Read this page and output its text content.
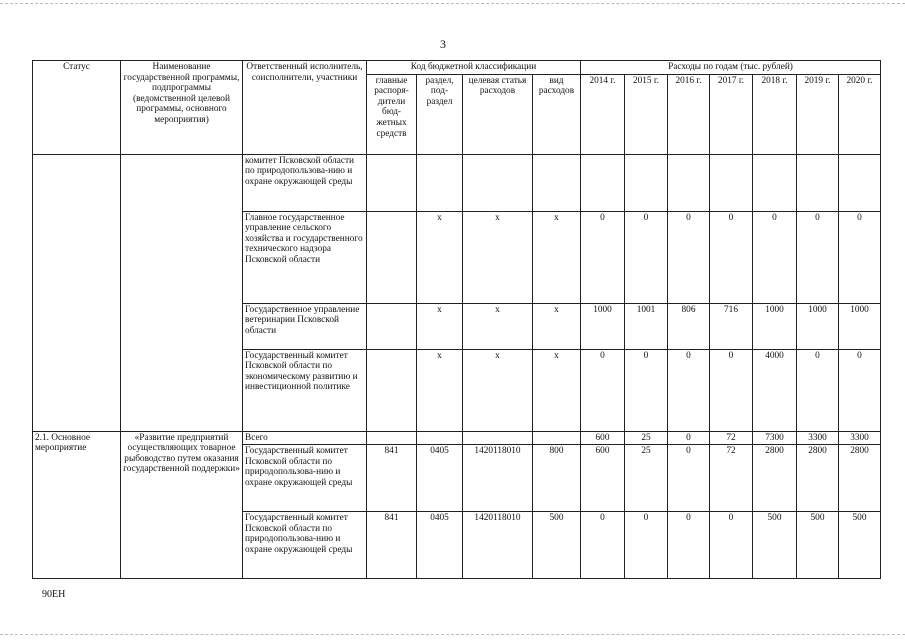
3
Статус	Наименование государственной программы, подпрограммы (ведомственной целевой программы, основного мероприятия)	Ответственный исполнитель, соисполнители, участники	Код бюджетной классификации				Расходы по годам (тыс. рублей)						
			главные распоря-дители бюд-жетных средств	раздел, под-раздел	целевая статья расходов	вид расходов	2014 г.	2015 г.	2016 г.	2017 г.	2018 г.	2019 г.	2020 г.
		комитет Псковской области по природопользова-нию и охране окружающей среды											
		Главное государственное управление сельского хозяйства и государственного технического надзора Псковской области		х	х	х	0	0	0	0	0	0	0
		Государственное управление ветеринарии Псковской области		х	х	х	1000	1001	806	716	1000	1000	1000
		Государственный комитет Псковской области по экономическому развитию и инвестиционной политике		х	х	х	0	0	0	0	4000	0	0
2.1. Основное мероприятие	«Развитие предприятий осуществляющих товарное рыбоводство путем оказания государственной поддержки»	Всего					600	25	0	72	7300	3300	3300
		Государственный комитет Псковской области по природопользова-нию и охране окружающей среды	841	0405	1420118010	800	600	25	0	72	2800	2800	2800
		Государственный комитет Псковской области по природопользова-нию и охране окружающей среды	841	0405	1420118010	500	0	0	0	0	500	500	500
90EH
